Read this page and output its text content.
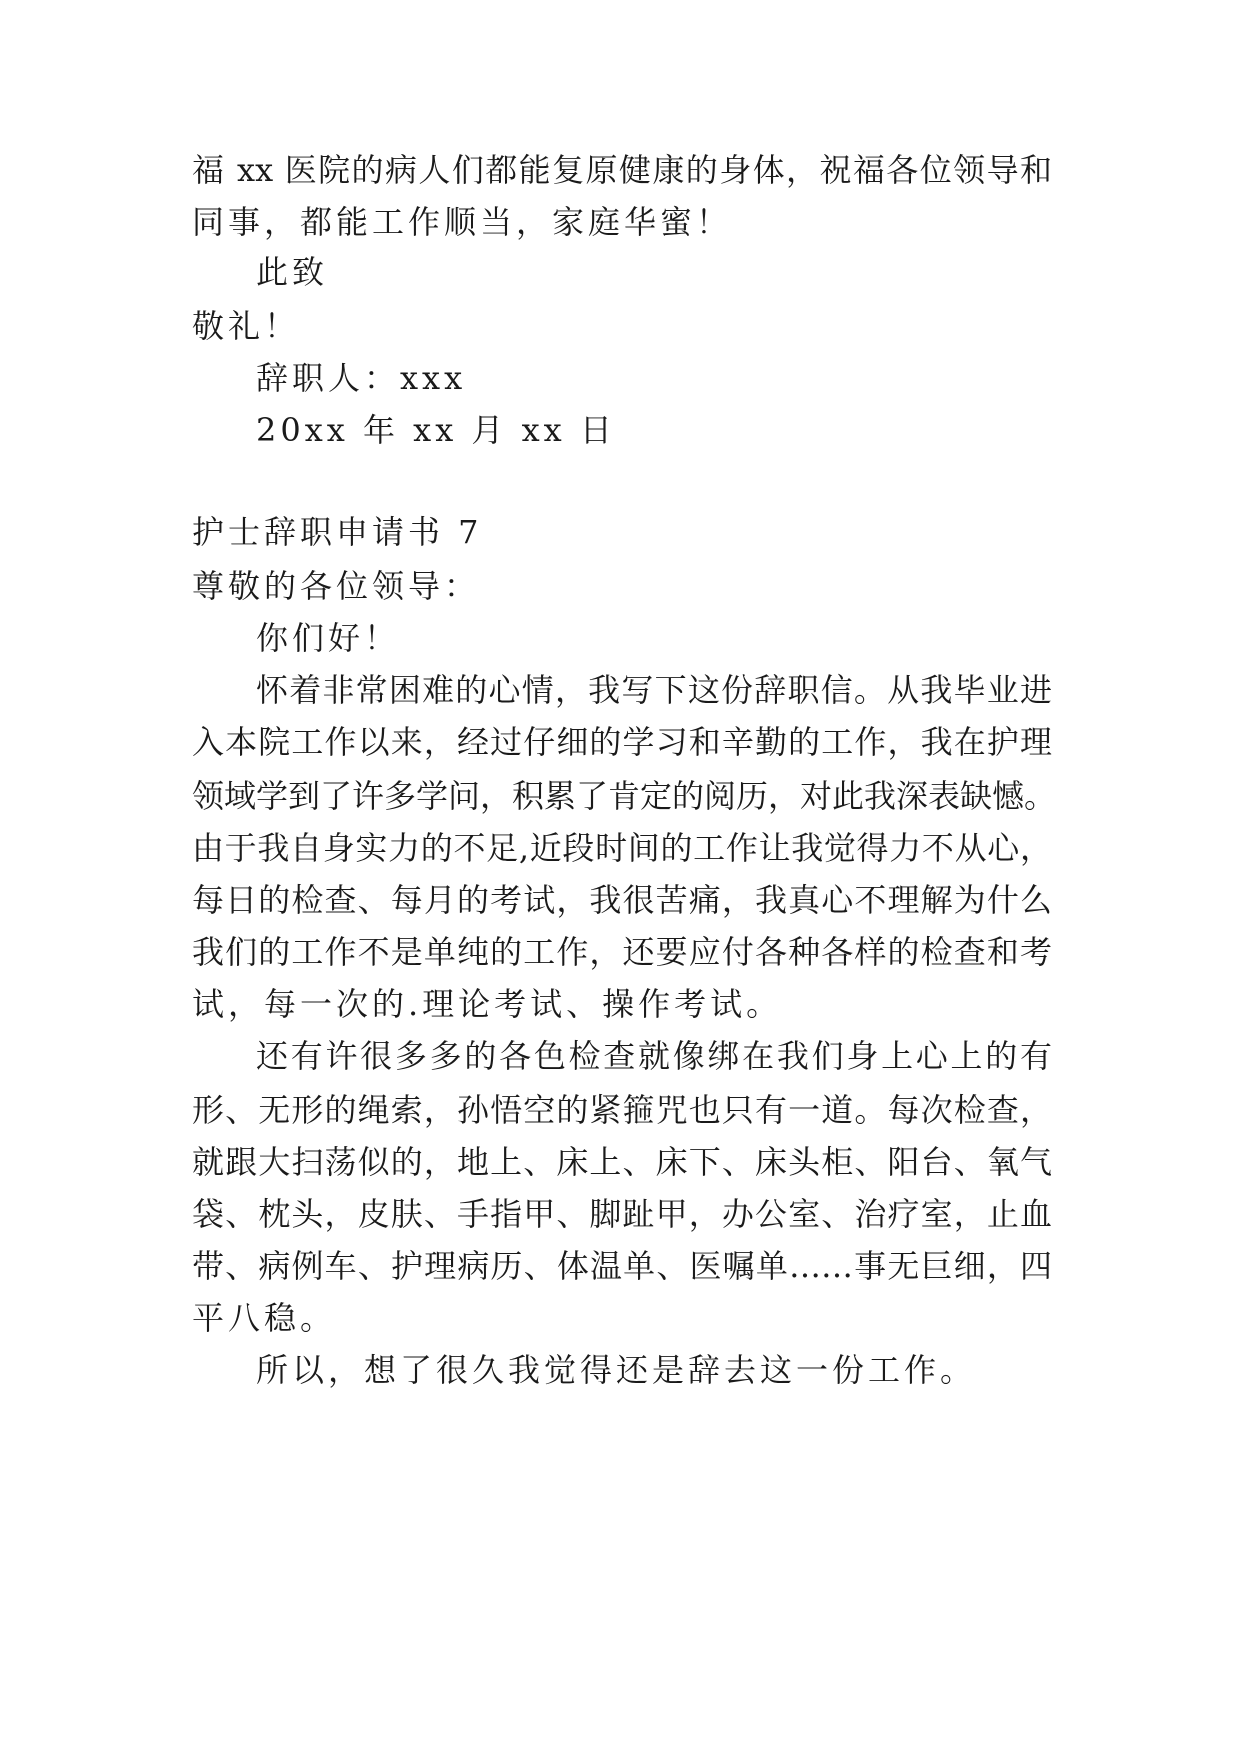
福 xx 医院的病人们都能复原健康的身体，祝福各位领导和
同事，都能工作顺当，家庭华蜜！
此致
敬礼！
辞职人：xxx
20xx 年 xx 月 xx 日
护士辞职申请书 7
尊敬的各位领导：
你们好！
怀着非常困难的心情，我写下这份辞职信。从我毕业进
入本院工作以来，经过仔细的学习和辛勤的工作，我在护理
领域学到了许多学问，积累了肯定的阅历，对此我深表缺憾。
由于我自身实力的不足,近段时间的工作让我觉得力不从心，
每日的检查、每月的考试，我很苦痛，我真心不理解为什么
我们的工作不是单纯的工作，还要应付各种各样的检查和考
试，每一次的.理论考试、操作考试。
还有许很多多的各色检查就像绑在我们身上心上的有
形、无形的绳索，孙悟空的紧箍咒也只有一道。每次检查，
就跟大扫荡似的，地上、床上、床下、床头柜、阳台、氧气
袋、枕头，皮肤、手指甲、脚趾甲，办公室、治疗室，止血
带、病例车、护理病历、体温单、医嘱单……事无巨细，四
平八稳。
所以，想了很久我觉得还是辞去这一份工作。
